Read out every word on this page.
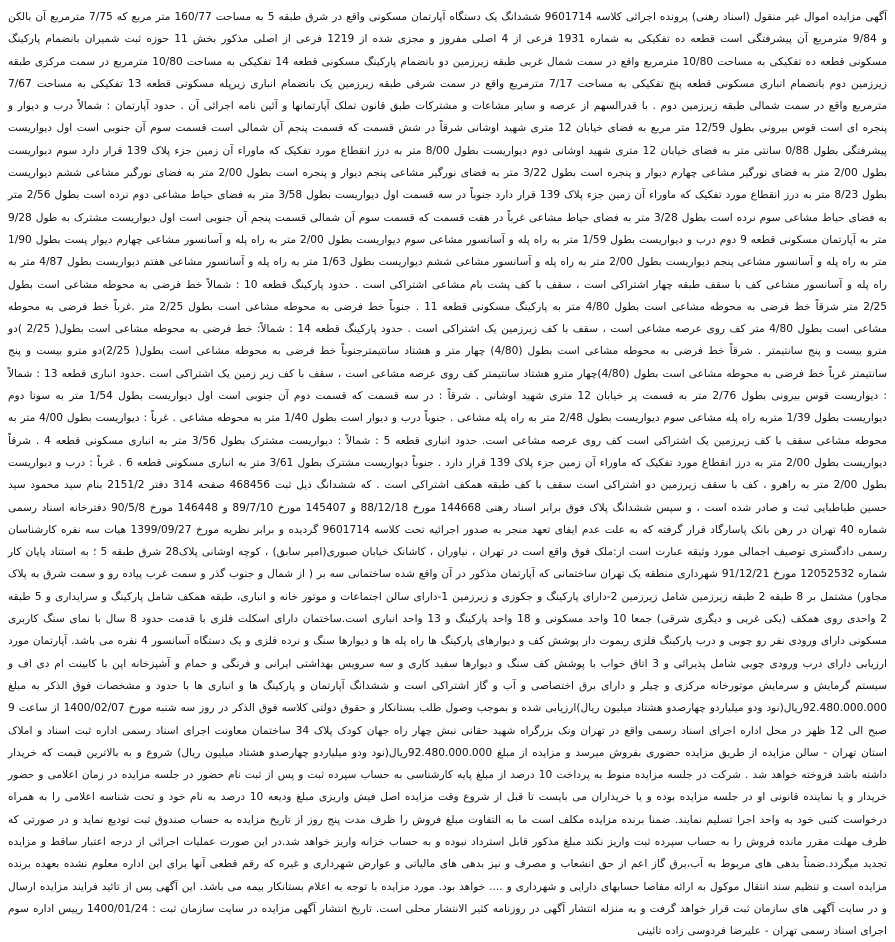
آگهی مزایده اموال غیر منقول (اسناد رهنی) پرونده اجرائی کلاسه 9601714 ششدانگ یک دستگاه آپارتمان مسکونی واقع در شرق طبقه 5 به مساحت 160/77 متر مربع که 7/75 مترمربع آن بالکن و 9/84 مترمربع آن پیشرفتگی است قطعه ده تفکیکی به شماره 1931 فرعی از 4 اصلی مفروز و مجزی شده از 1219 فرعی از اصلی مذکور بخش 11 حوزه ثبت شمیران بانضمام پارکینگ مسکونی قطعه ده تفکیکی به مساحت 10/80 مترمربع واقع در سمت شمال غربی طبقه زیرزمین دو بانضمام پارکینگ مسکونی قطعه 14 تفکیکی به مساحت 10/80 مترمربع در سمت مرکزی طبقه زیرزمین دوم بانضمام انباری مسکونی قطعه پنج تفکیکی به مساحت 7/17 مترمربع واقع در سمت شرقی طبقه زیرزمین یک بانضمام انباری زیرپله مسکونی قطعه 13 تفکیکی به مساحت 7/67 مترمربع واقع در سمت شمالی طبقه زیرزمین دوم . با قدرالسهم از عرصه و سایر مشاعات و مشترکات طبق قانون تملک آپارتمانها و آئین نامه اجرائی آن . حدود آپارتمان : شمالاً درب و دیوار و پنجره ای است قوس بیرونی بطول 12/59 متر مربع به فضای خیابان 12 متری شهید اوشانی شرقاً در شش قسمت که قسمت پنجم آن شمالی است قسمت سوم آن جنوبی است اول دیواریست پیشرفتگی بطول 0/88 سانتی متر به فضای خیابان 12 متری شهید اوشانی دوم دیواریست بطول 8/00 متر به درز انقطاع مورد تفکیک که ماوراء آن زمین جزء پلاک 139 قرار دارد سوم دیواریست بطول 2/00 متر به فضای نورگیر مشاعی چهارم دیوار و پنجره است بطول 3/22 متر به فضای نورگیر مشاعی پنجم دیوار و پنجره است بطول 2/00 متر به فضای نورگیر مشاعی ششم دیواریست بطول 8/23 متر به درز انقطاع مورد تفکیک که ماوراء آن زمین جزء پلاک 139 قرار دارد جنوباً در سه قسمت اول دیواریست بطول 3/58 متر به فضای حیاط مشاعی دوم نرده است بطول 2/56 متر به فضای حیاط مشاعی سوم نرده است بطول 3/28 متر به فضای حیاط مشاعی غرباً در هفت قسمت که قسمت سوم آن شمالی قسمت پنجم آن جنوبی است اول دیواریست مشترک به طول 9/28 متر به آپارتمان مسکونی قطعه 9 دوم درب و دیواریست بطول 1/59 متر به راه پله و آسانسور مشاعی سوم دیواریست بطول 2/00 متر به راه پله و آسانسور مشاعی چهارم دیوار پست بطول 1/90 متر به راه پله و آسانسور مشاعی پنجم دیواریست بطول 2/00 متر به راه پله و آسانسور مشاعی ششم دیواریست بطول 1/63 متر به راه پله و آسانسور مشاعی هفتم دیواریست بطول 4/87 متر به راه پله و آسانسور مشاعی کف با سقف طبقه چهار اشتراکی است ، سقف با کف پشت بام مشاعی اشتراکی است . حدود پارکینگ قطعه 10 : شمالاً خط فرضی به محوطه مشاعی است بطول 2/25 متر شرقاً خط فرضی به محوطه مشاعی است بطول 4/80 متر به پارکینگ مسکونی قطعه 11 . جنوباً خط فرضی به محوطه مشاعی است بطول 2/25 متر .غرباً خط فرضی به محوطه مشاعی است بطول 4/80 متر کف روی عرصه مشاعی است ، سقف با کف زیرزمین یک اشتراکی است . حدود پارکینگ قطعه 14 : شمالاً: خط فرضی به محوطه مشاعی است بطول( 2/25 )دو مترو بیست و پنج سانتیمتر . شرقاً خط فرضی به محوطه مشاعی است بطول (4/80) چهار متر و هشتاد سانتیمترجنوباً خط فرضی به محوطه مشاعی است بطول( 2/25)دو مترو بیست و پنج سانتیمتر غرباً خط فرضی به محوطه مشاعی است بطول (4/80)چهار مترو هشتاد سانتیمتر کف روی عرصه مشاعی است ، سقف با کف زیر زمین یک اشتراکی است .حدود انباری قطعه 13 : شمالاً : دیواریست قوس بیرونی بطول 2/76 متر به قسمت پر خیابان 12 متری شهید اوشانی . شرقاً : در سه قسمت که قسمت دوم آن جنوبی است اول دیواریست بطول 1/54 متر به سونا دوم دیواریست بطول 1/39 متربه راه پله مشاعی سوم دیواریست بطول 2/48 متر به راه پله مشاعی . جنوباً درب و دیوار است بطول 1/40 متر به محوطه مشاعی . غرباً : دیواریست بطول 4/00 متر به محوطه مشاعی سقف با کف زیرزمین یک اشتراکی است کف روی عرصه مشاعی است. حدود انباری قطعه 5 : شمالاً : دیواریست مشترک بطول 3/56 متر به انباری مسکونی قطعه 4 . شرقاً دیواریست بطول 2/00 متر به درز انقطاع مورد تفکیک که ماوراء آن زمین جزء پلاک 139 قرار دارد . جنوباً دیواریست مشترک بطول 3/61 متر به انباری مسکونی قطعه 6 . غرباً : درب و دیواریست بطول 2/00 متر به راهرو ، کف با سقف زیرزمین دو اشتراکی است سقف با کف طبقه همکف اشتراکی است . که ششدانگ ذیل ثبت 468456 صفحه 314 دفتر 2151/2 بنام سید محمود سید حسین طباطبایی ثبت و صادر شده است ، و سپس ششدانگ پلاک فوق برابر اسناد رهنی 144668 مورخ 88/12/18 و 145407 مورخ 89/7/10 و 146448 مورخ 90/5/8 دفترخانه اسناد رسمی شماره 40 تهران در رهن بانک پاسارگاد قرار گرفته که به علت عدم ایفای تعهد منجر به صدور اجرائیه تحت کلاسه 9601714 گردیده و برابر نظریه مورخ 1399/09/27 هیات سه نفره کارشناسان رسمی دادگستری توصیف اجمالی مورد وثیقه عبارت است از:ملک فوق واقع است در تهران ، نیاوران ، کاشانک خیابان صبوری(امیر سابق) ، کوچه اوشانی پلاک28 شرق طبقه 5 ؛ به استناد پایان کار شماره 12052532 مورخ 91/12/21 شهرداری منطقه یک تهران ساختمانی که آپارتمان مذکور در آن واقع شده ساختمانی سه بر ( از شمال و جنوب گذر و سمت غرب پیاده رو و سمت شرق به پلاک مجاور) مشتمل بر 8 طبقه 2 طبقه زیرزمین شامل زیرزمین 2-دارای پارکینگ و جکوزی و زیرزمین 1-دارای سالن اجتماعات و موتور خانه و انباری، طبقه همکف شامل پارکینگ و سرایداری و 5 طبقه 2 واحدی روی همکف (یکی غربی و دیگری شرقی) جمعا 10 واحد مسکونی و 18 واحد پارکینگ و 13 واحد انباری است.ساختمان دارای اسکلت فلزی با قدمت حدود 8 سال با نمای سنگ کاربری مسکونی دارای ورودی نفر رو چوبی و درب پارکینگ فلزی ریموت دار پوشش کف و دیوارهای پارکینگ ها راه پله ها و دیوارها سنگ و نرده فلزی و یک دستگاه آسانسور 4 نفره می باشد. آپارتمان مورد ارزیابی دارای درب ورودی چوبی شامل پذیرائی و 3 اتاق خواب با پوشش کف سنگ و دیوارها سفید کاری و سه سرویس بهداشتی ایرانی و فرنگی و حمام و آشپزخانه اپن با کابینت ام دی اف و سیستم گرمایش و سرمایش موتورخانه مرکزی و چیلر و دارای برق اختصاصی و آب و گاز اشتراکی است و ششدانگ آپارتمان و پارکینگ ها و انباری ها با حدود و مشخصات فوق الذکر به مبلغ 92.480.000.000ریال(نود ودو میلیاردو چهارصدو هشتاد میلیون ریال)ارزیابی شده و بموجب وصول طلب بستانکار و حقوق دولتی کلاسه فوق الذکر در روز سه شنبه مورخ 1400/02/07 از ساعت 9 صبح الی 12 ظهر در محل اداره اجرای اسناد رسمی واقع در تهران ونک بزرگراه شهید حقانی نبش چهار راه جهان کودک پلاک 34 ساختمان معاونت اجرای اسناد رسمی اداره ثبت اسناد و املاک استان تهران - سالن مزایده از طریق مزایده حضوری بفروش میرسد و مزایده از مبلغ 92.480.000.000ریال(نود ودو میلیاردو چهارصدو هشتاد میلیون ریال) شروع و به بالاترین قیمت که خریدار داشته باشد فروخته خواهد شد . شرکت در جلسه مزایده منوط به پرداخت 10 درصد از مبلغ پایه کارشناسی به حساب سپرده ثبت و پس از ثبت نام حضور در جلسه مزایده در زمان اعلامی و حضور خریدار و یا نماینده قانونی او در جلسه مزایده بوده و یا خریداران می بایست تا قبل از شروع وقت مزایده اصل فیش واریزی مبلغ ودیعه 10 درصد به نام خود و تحت شناسه اعلامی را به همراه درخواست کتبی خود به واحد اجرا تسلیم نمایند. ضمنا برنده مزایده مکلف است ما به التفاوت مبلغ فروش را ظرف مدت پنج روز از تاریخ مزایده به حساب صندوق ثبت تودیع نماید و در صورتی که ظرف مهلت مقرر مانده فروش را به حساب سپرده ثبت واریز نکند مبلغ مذکور قابل استرداد نبوده و به حساب خزانه واریز خواهد شد.در این صورت عملیات اجرائی از درجه اعتبار ساقط و مزایده تجدید میگردد.ضمناً بدهی های مربوط به آب،برق گاز اعم از حق انشعاب و مصرف و نیز بدهی های مالیاتی و عوارض شهرداری و غیره که رقم قطعی آنها برای این اداره معلوم نشده بعهده برنده مزایده است و تنظیم سند انتقال موکول به ارائه مفاصا حسابهای دارایی و شهرداری و .... خواهد بود. مورد مزایده با توجه به اعلام بستانکار بیمه می باشد. این آگهی پس از تائید فرایند مزایده ارسال و در سایت آگهی های سازمان ثبت قرار خواهد گرفت و به منزله انتشار آگهی در روزنامه کثیر الانتشار محلی است. تاریخ انتشار آگهی مزایده در سایت سازمان ثبت : 1400/01/24 رییس اداره سوم اجرای اسناد رسمی تهران - علیرضا فردوسی زاده تائینی
